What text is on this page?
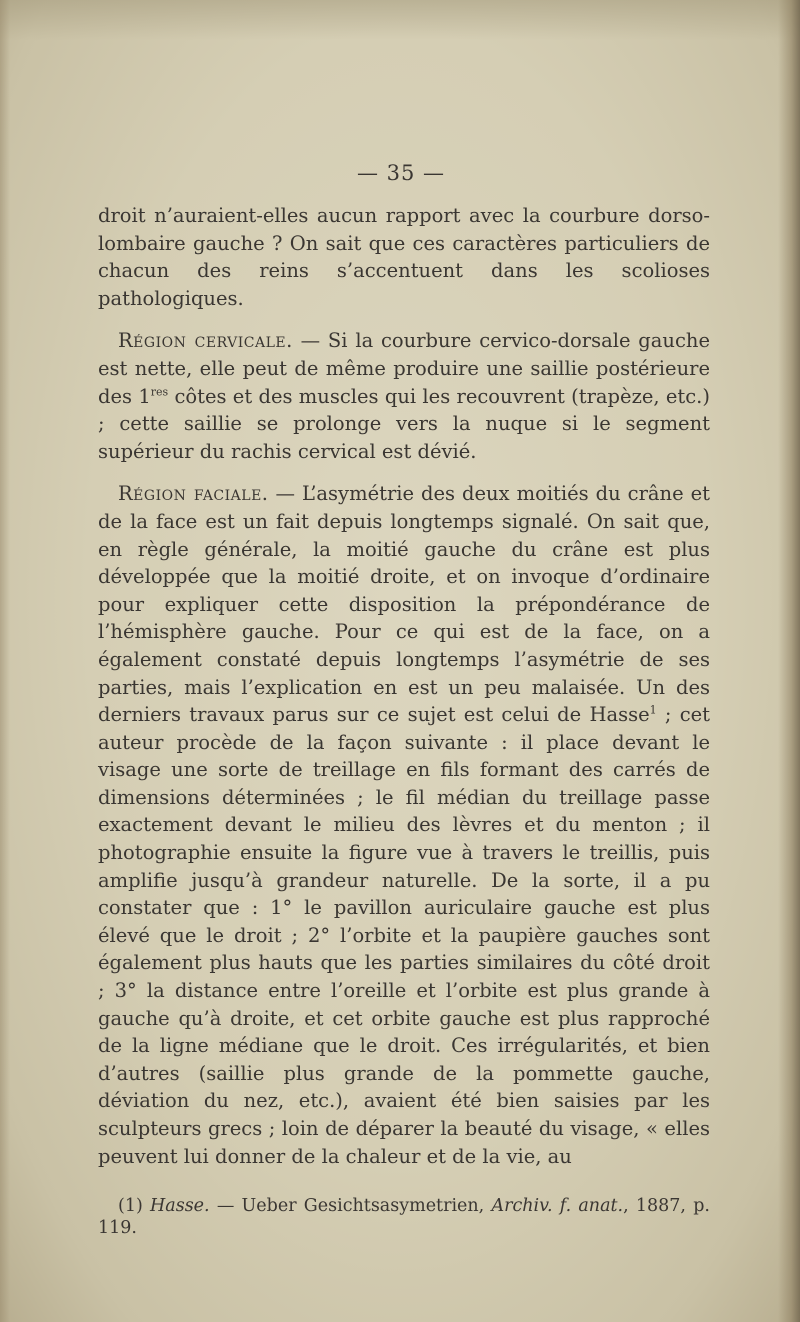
— 35 —

droit n’auraient-elles aucun rapport avec la courbure dorso-lombaire gauche ? On sait que ces caractères particuliers de chacun des reins s’accentuent dans les scolioses pathologiques.

Région cervicale. — Si la courbure cervico-dorsale gauche est nette, elle peut de même produire une saillie postérieure des 1res côtes et des muscles qui les recouvrent (trapèze, etc.) ; cette saillie se prolonge vers la nuque si le segment supérieur du rachis cervical est dévié.

Région faciale. — L’asymétrie des deux moitiés du crâne et de la face est un fait depuis longtemps signalé. On sait que, en règle générale, la moitié gauche du crâne est plus développée que la moitié droite, et on invoque d’ordinaire pour expliquer cette disposition la prépondérance de l’hémisphère gauche. Pour ce qui est de la face, on a également constaté depuis longtemps l’asymétrie de ses parties, mais l’explication en est un peu malaisée. Un des derniers travaux parus sur ce sujet est celui de Hasse$^1$ ; cet auteur procède de la façon suivante : il place devant le visage une sorte de treillage en fils formant des carrés de dimensions déterminées ; le fil médian du treillage passe exactement devant le milieu des lèvres et du menton ; il photographie ensuite la figure vue à travers le treillis, puis amplifie jusqu’à grandeur naturelle. De la sorte, il a pu constater que : 1° le pavillon auriculaire gauche est plus élevé que le droit ; 2° l’orbite et la paupière gauches sont également plus hauts que les parties similaires du côté droit ; 3° la distance entre l’oreille et l’orbite est plus grande à gauche qu’à droite, et cet orbite gauche est plus rapproché de la ligne médiane que le droit. Ces irrégularités, et bien d’autres (saillie plus grande de la pommette gauche, déviation du nez, etc.), avaient été bien saisies par les sculpteurs grecs ; loin de déparer la beauté du visage, « elles peuvent lui donner de la chaleur et de la vie, au

(1) Hasse. — Ueber Gesichtsasymetrien, Archiv. f. anat., 1887, p. 119.
